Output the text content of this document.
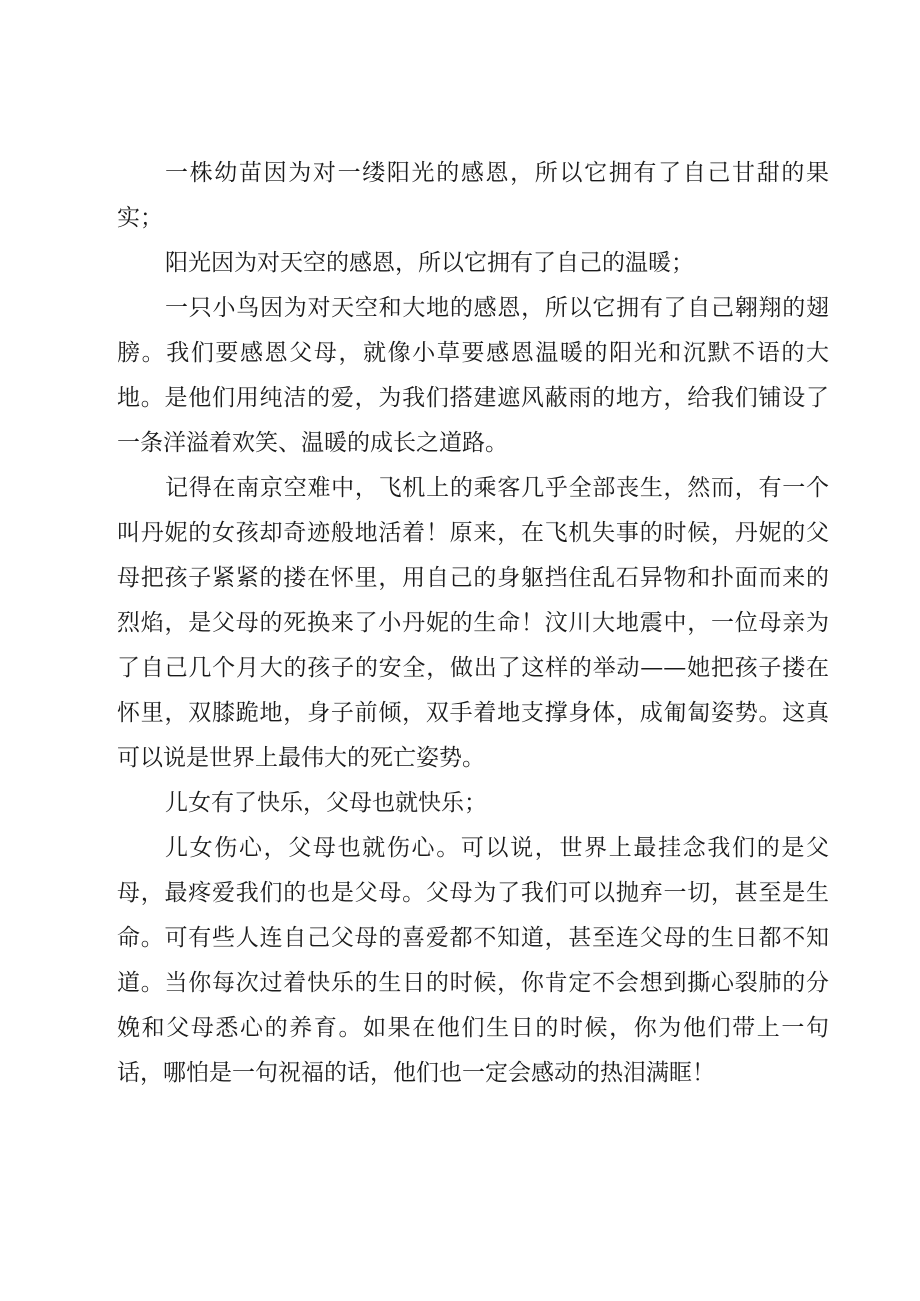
一株幼苗因为对一缕阳光的感恩，所以它拥有了自己甘甜的果实；

阳光因为对天空的感恩，所以它拥有了自己的温暖；

一只小鸟因为对天空和大地的感恩，所以它拥有了自己翱翔的翅膀。我们要感恩父母，就像小草要感恩温暖的阳光和沉默不语的大地。是他们用纯洁的爱，为我们搭建遮风蔽雨的地方，给我们铺设了一条洋溢着欢笑、温暖的成长之道路。

记得在南京空难中，飞机上的乘客几乎全部丧生，然而，有一个叫丹妮的女孩却奇迹般地活着！原来，在飞机失事的时候，丹妮的父母把孩子紧紧的搂在怀里，用自己的身躯挡住乱石异物和扑面而来的烈焰，是父母的死换来了小丹妮的生命！汶川大地震中，一位母亲为了自己几个月大的孩子的安全，做出了这样的举动——她把孩子搂在怀里，双膝跪地，身子前倾，双手着地支撑身体，成匍匐姿势。这真可以说是世界上最伟大的死亡姿势。

儿女有了快乐，父母也就快乐；

儿女伤心，父母也就伤心。可以说，世界上最挂念我们的是父母，最疼爱我们的也是父母。父母为了我们可以抛弃一切，甚至是生命。可有些人连自己父母的喜爱都不知道，甚至连父母的生日都不知道。当你每次过着快乐的生日的时候，你肯定不会想到撕心裂肺的分娩和父母悉心的养育。如果在他们生日的时候，你为他们带上一句话，哪怕是一句祝福的话，他们也一定会感动的热泪满眶！
